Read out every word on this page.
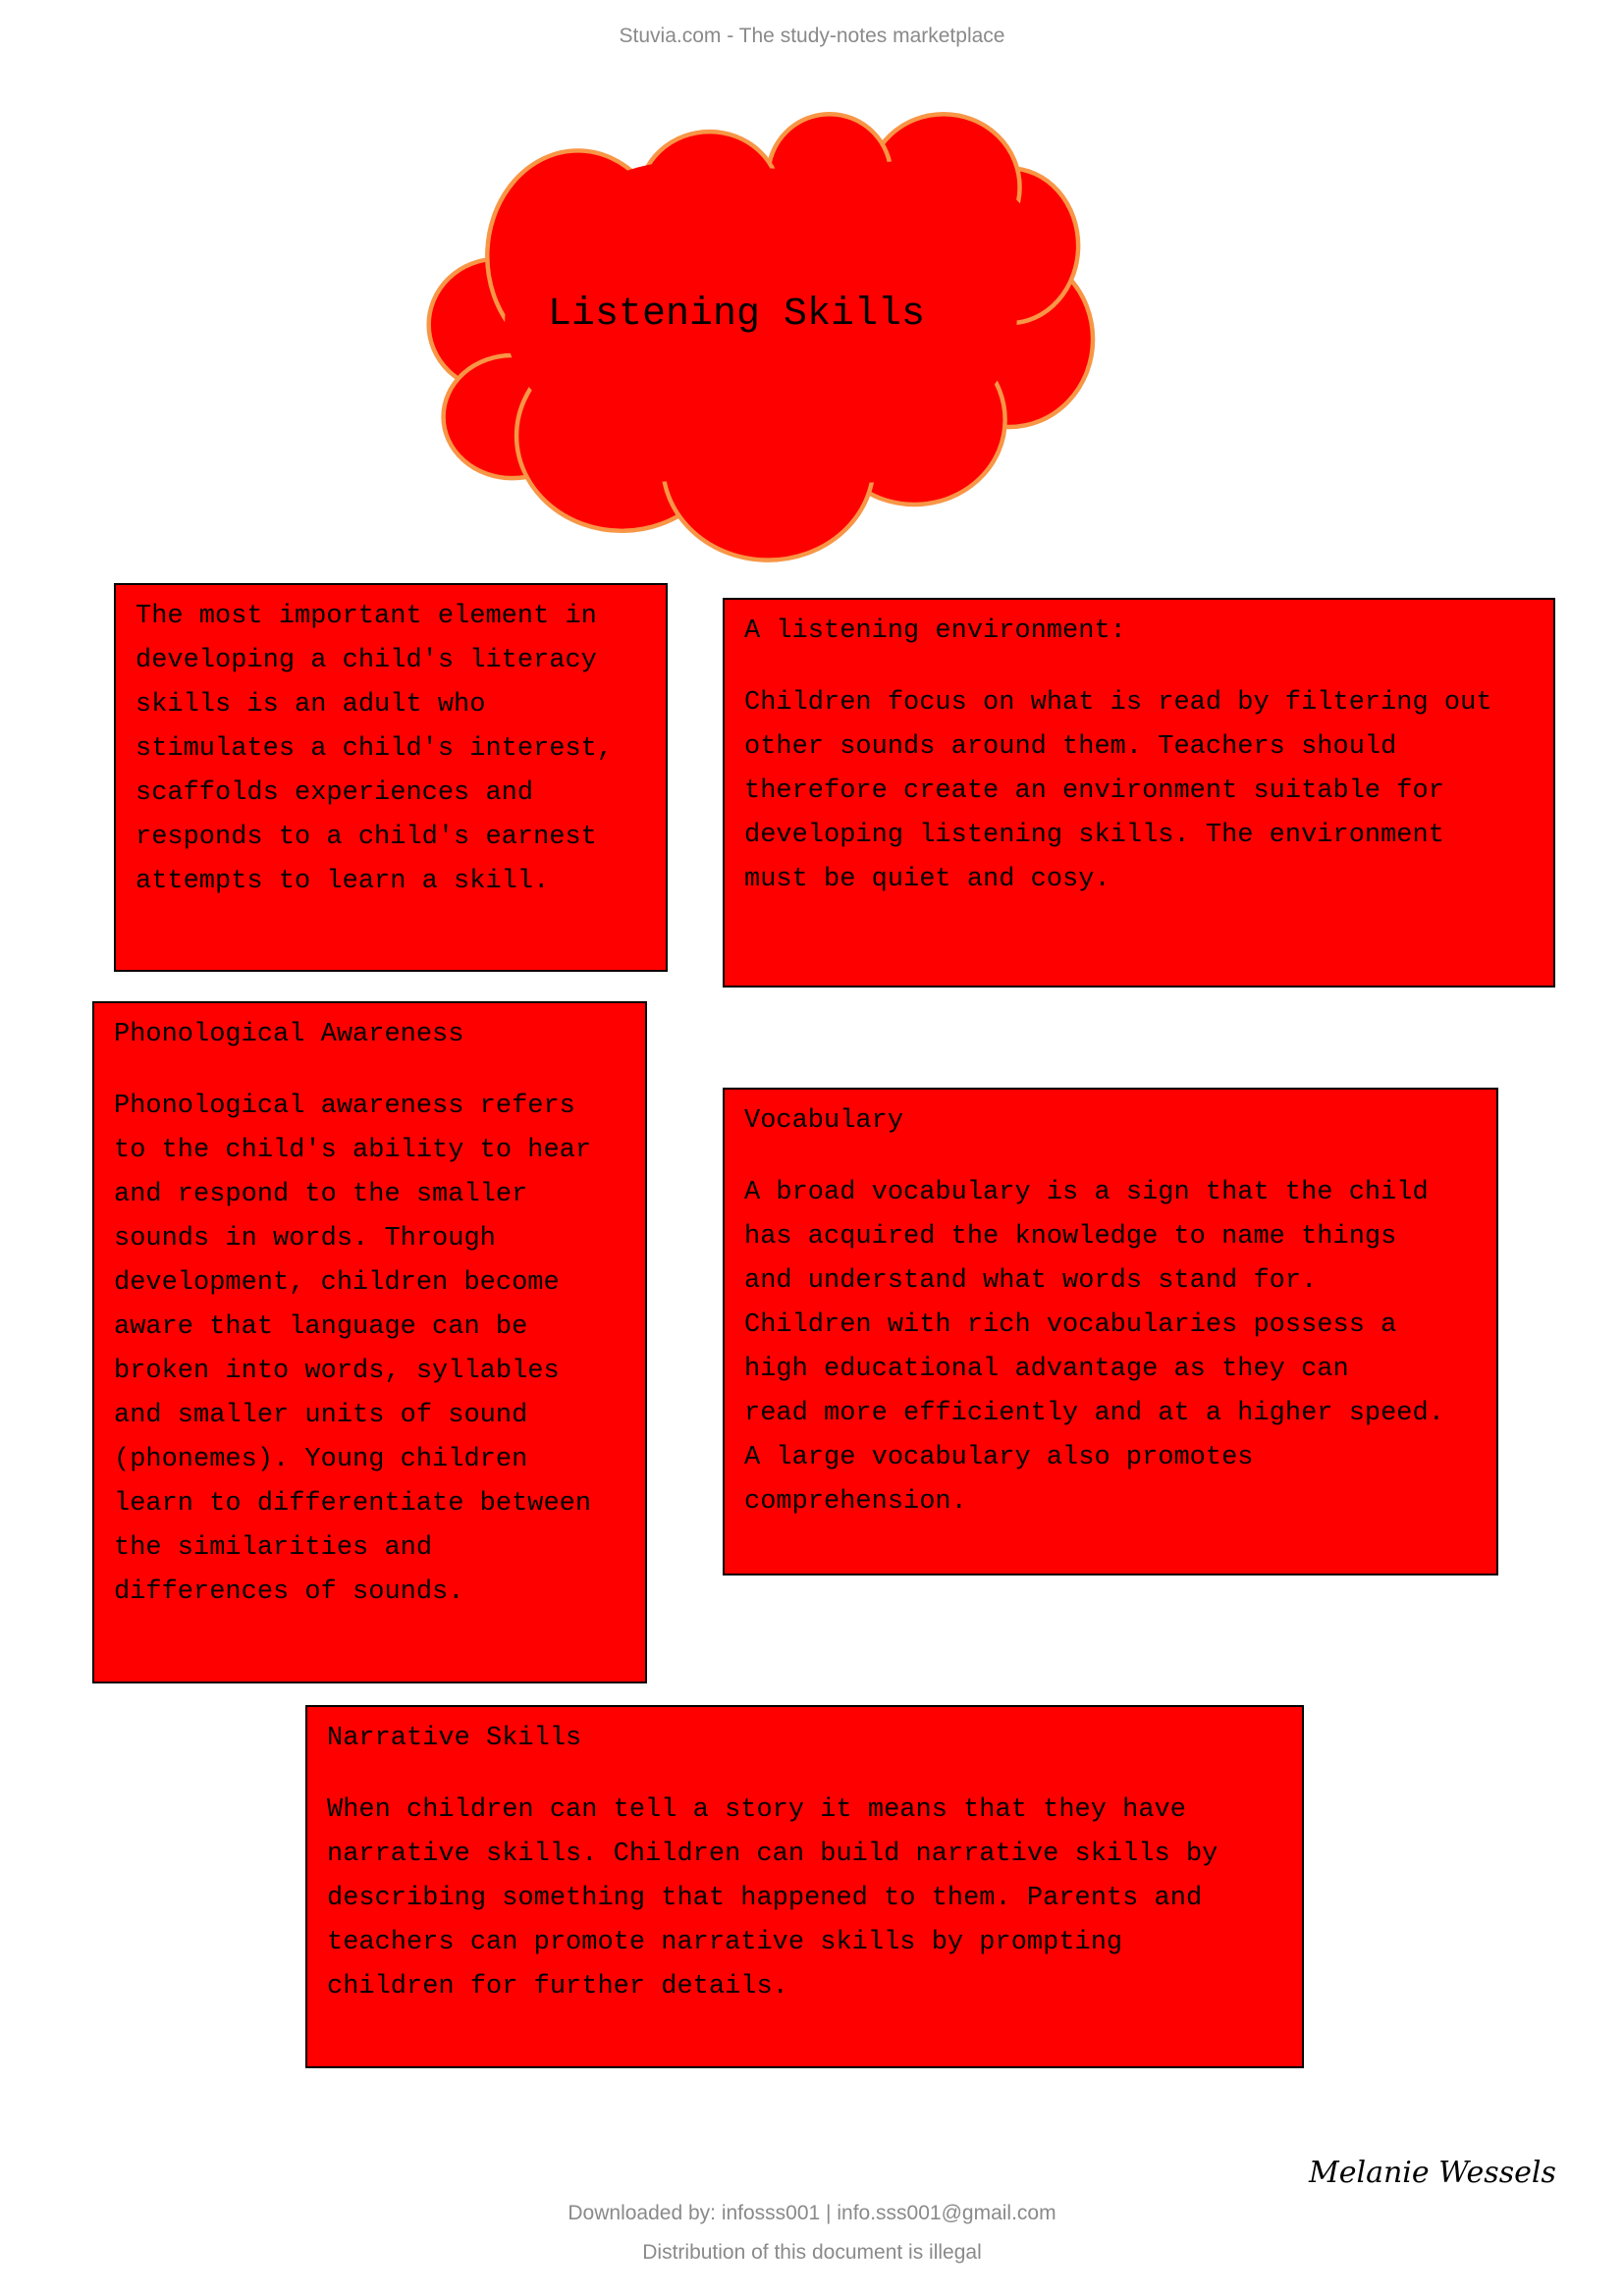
Stuvia.com - The study-notes marketplace
Listening Skills

The most important element in
developing a child's literacy
skills is an adult who
stimulates a child's interest,
scaffolds experiences and
responds to a child's earnest
attempts to learn a skill.

A listening environment:

Children focus on what is read by filtering out
other sounds around them. Teachers should
therefore create an environment suitable for
developing listening skills. The environment
must be quiet and cosy.

Phonological Awareness

Phonological awareness refers
to the child's ability to hear
and respond to the smaller
sounds in words. Through
development, children become
aware that language can be
broken into words, syllables
and smaller units of sound
(phonemes). Young children
learn to differentiate between
the similarities and
differences of sounds.

Vocabulary

A broad vocabulary is a sign that the child
has acquired the knowledge to name things
and understand what words stand for.
Children with rich vocabularies possess a
high educational advantage as they can
read more efficiently and at a higher speed.
A large vocabulary also promotes
comprehension.

Narrative Skills

When children can tell a story it means that they have
narrative skills. Children can build narrative skills by
describing something that happened to them. Parents and
teachers can promote narrative skills by prompting
children for further details.

Melanie Wessels
Downloaded by: infosss001 | info.sss001@gmail.com
Distribution of this document is illegal
